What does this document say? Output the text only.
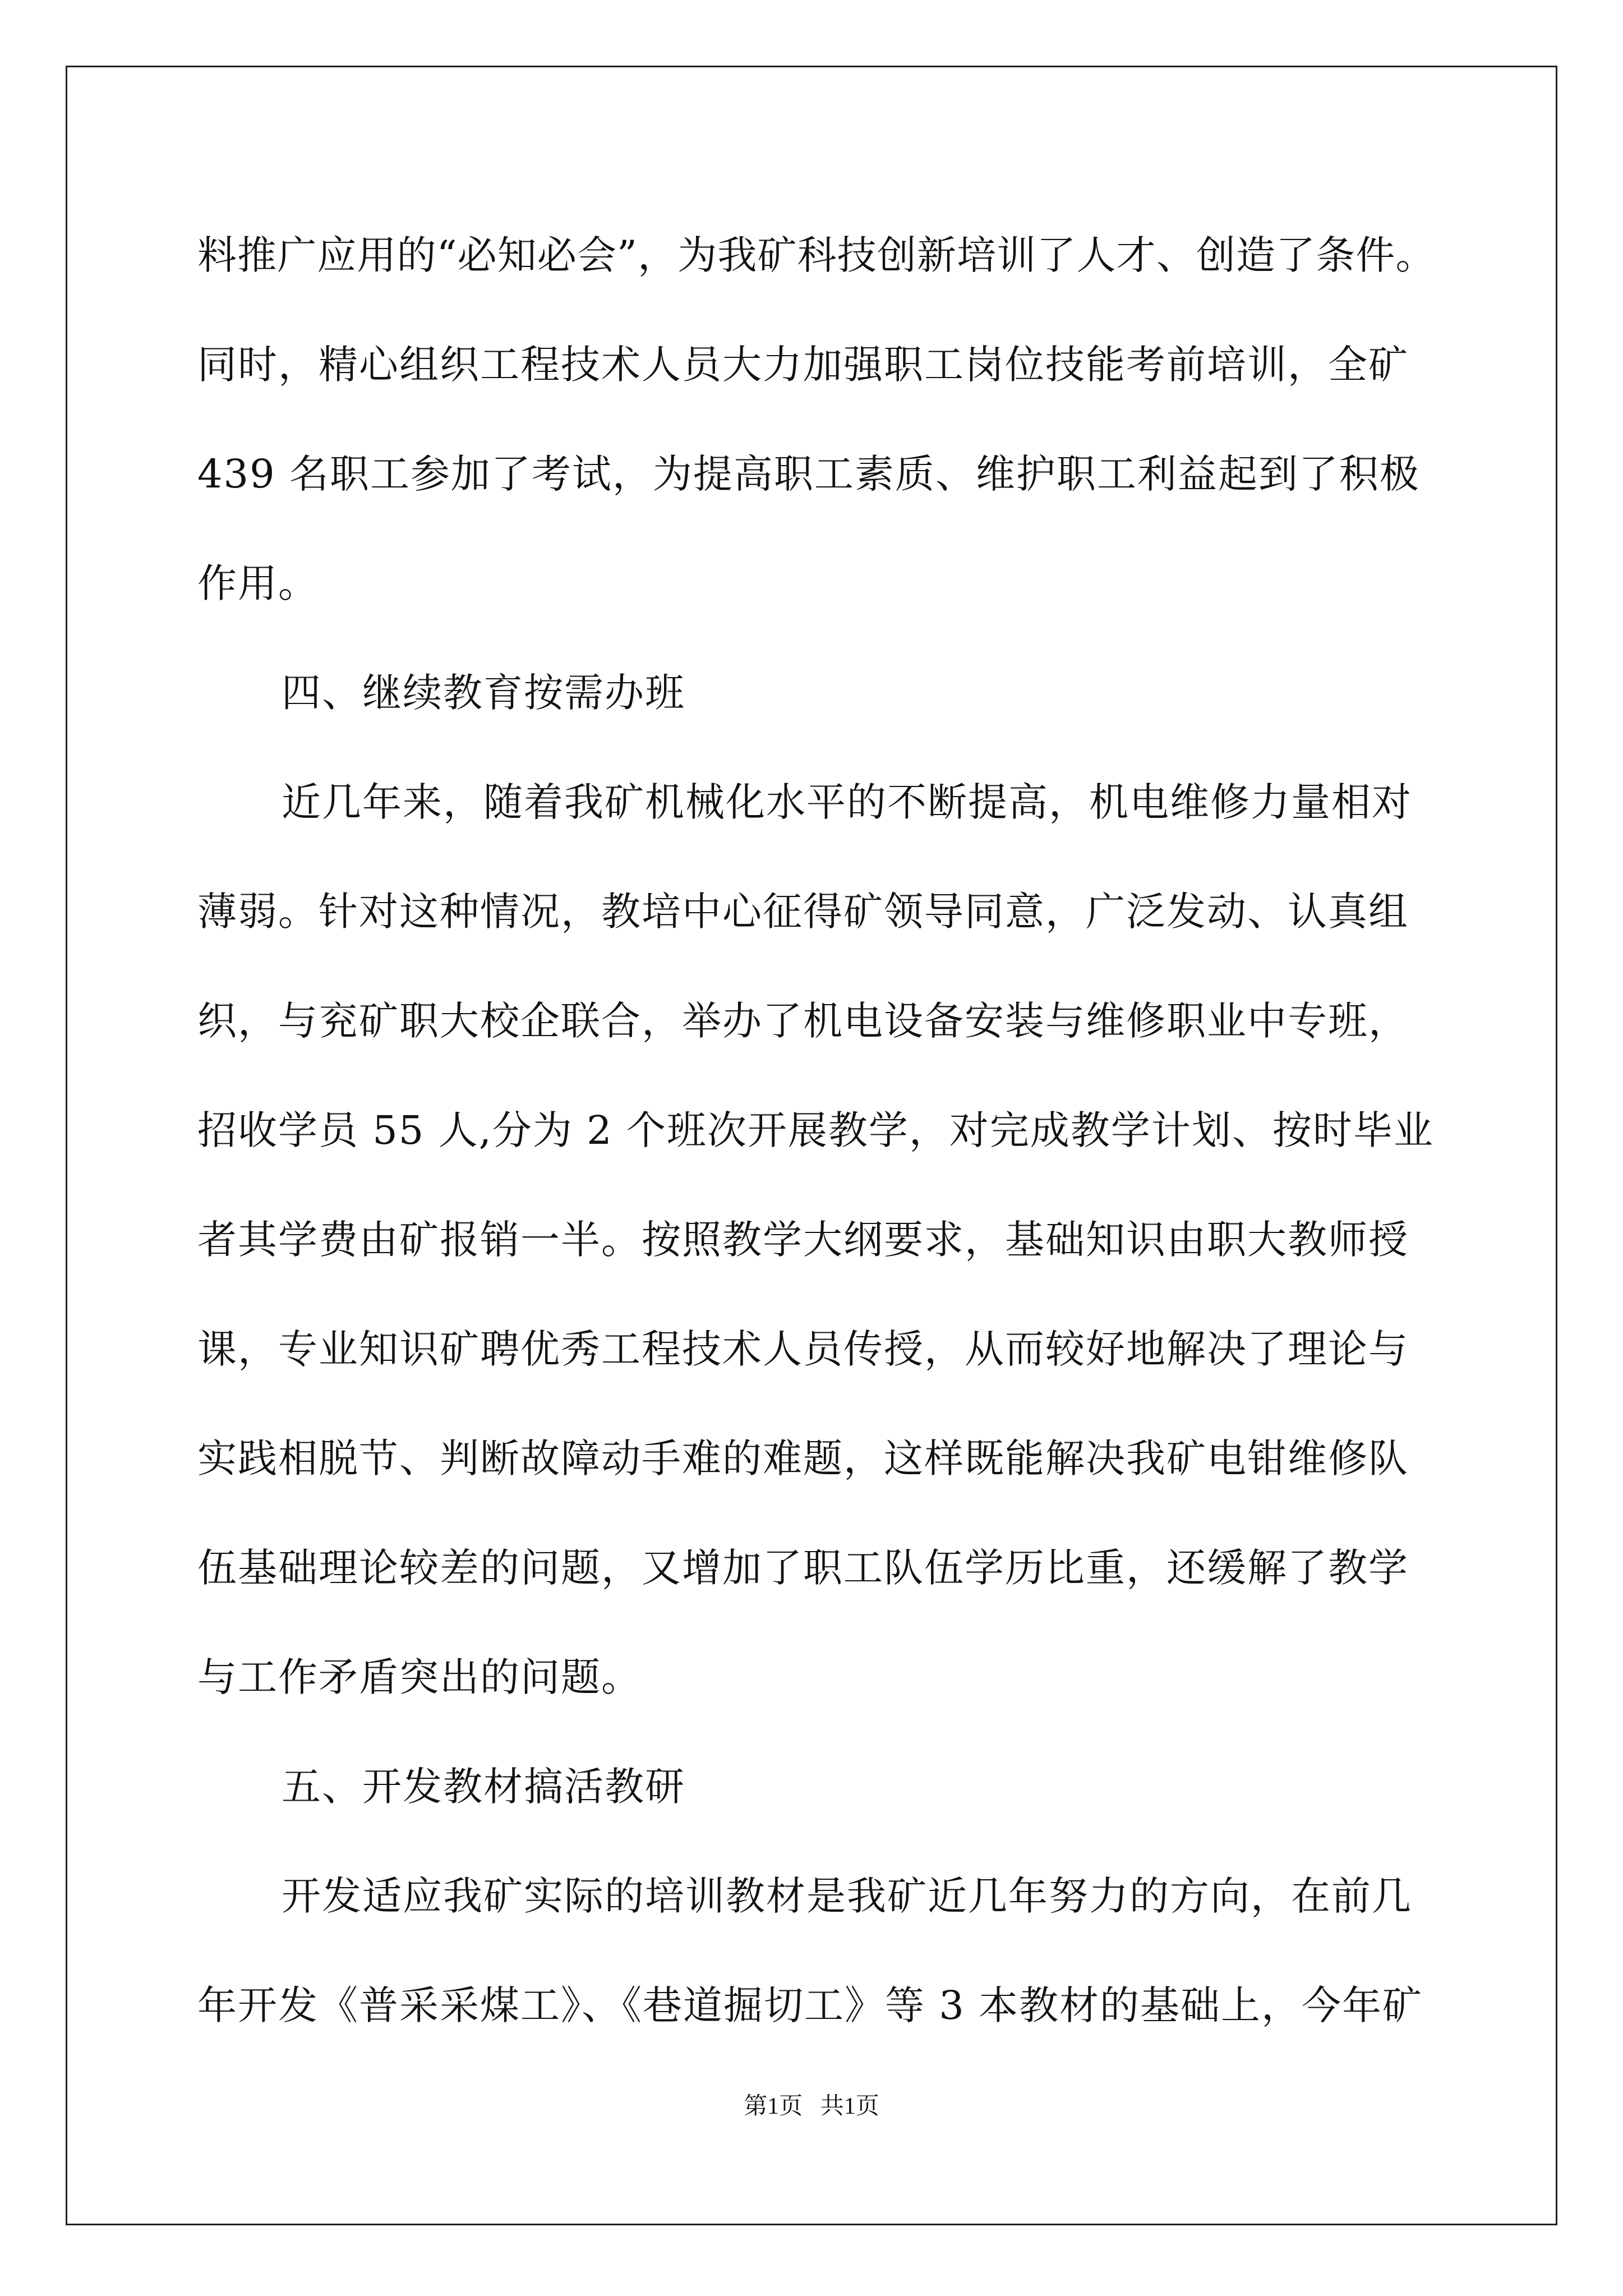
料推广应用的“必知必会”，为我矿科技创新培训了人才、创造了条件。
同时，精心组织工程技术人员大力加强职工岗位技能考前培训，全矿
439 名职工参加了考试，为提高职工素质、维护职工利益起到了积极
作用。
四、继续教育按需办班
近几年来，随着我矿机械化水平的不断提高，机电维修力量相对
薄弱。针对这种情况，教培中心征得矿领导同意，广泛发动、认真组
织，与兖矿职大校企联合，举办了机电设备安装与维修职业中专班，
招收学员 55 人,分为 2 个班次开展教学，对完成教学计划、按时毕业
者其学费由矿报销一半。按照教学大纲要求，基础知识由职大教师授
课，专业知识矿聘优秀工程技术人员传授，从而较好地解决了理论与
实践相脱节、判断故障动手难的难题，这样既能解决我矿电钳维修队
伍基础理论较差的问题，又增加了职工队伍学历比重，还缓解了教学
与工作矛盾突出的问题。
五、开发教材搞活教研
开发适应我矿实际的培训教材是我矿近几年努力的方向，在前几
年开发《普采采煤工》、《巷道掘切工》等 3 本教材的基础上，今年矿
第1页   共1页
